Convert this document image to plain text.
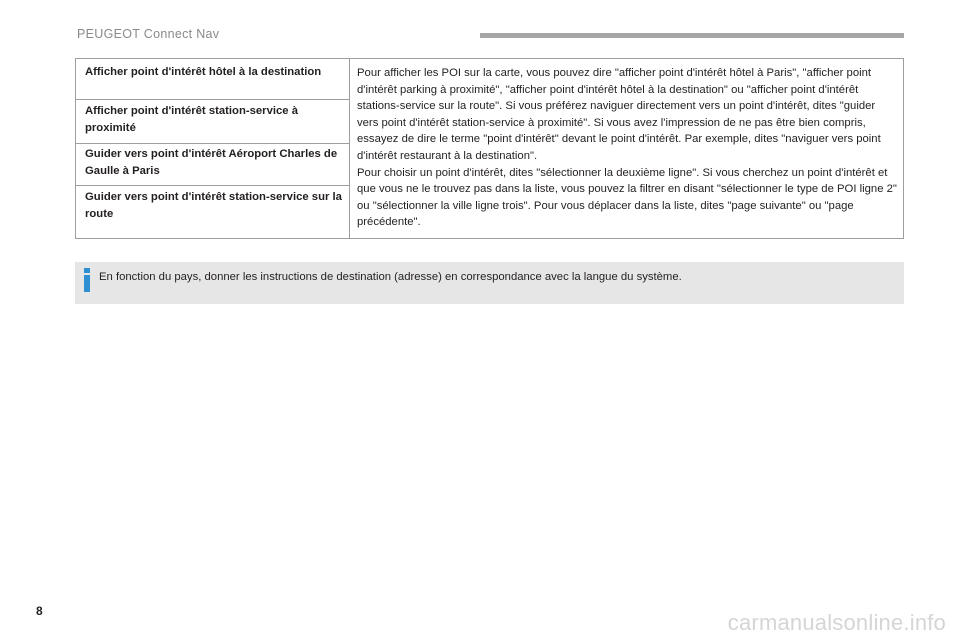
PEUGEOT Connect Nav
Afficher point d'intérêt hôtel à la destination
Afficher point d'intérêt station-service à proximité
Guider vers point d'intérêt Aéroport Charles de Gaulle à Paris
Guider vers point d'intérêt station-service sur la route

Pour afficher les POI sur la carte, vous pouvez dire "afficher point d'intérêt hôtel à Paris", "afficher point d'intérêt parking à proximité", "afficher point d'intérêt hôtel à la destination" ou "afficher point d'intérêt stations-service sur la route". Si vous préférez naviguer directement vers un point d'intérêt, dites "guider vers point d'intérêt station-service à proximité". Si vous avez l'impression de ne pas être bien compris, essayez de dire le terme "point d'intérêt" devant le point d'intérêt. Par exemple, dites "naviguer vers point d'intérêt restaurant à la destination".

Pour choisir un point d'intérêt, dites "sélectionner la deuxième ligne". Si vous cherchez un point d'intérêt et que vous ne le trouvez pas dans la liste, vous pouvez la filtrer en disant "sélectionner le type de POI ligne 2" ou "sélectionner la ville ligne trois". Pour vous déplacer dans la liste, dites "page suivante" ou "page précédente".

En fonction du pays, donner les instructions de destination (adresse) en correspondance avec la langue du système.
8	carmanualsonline.info
